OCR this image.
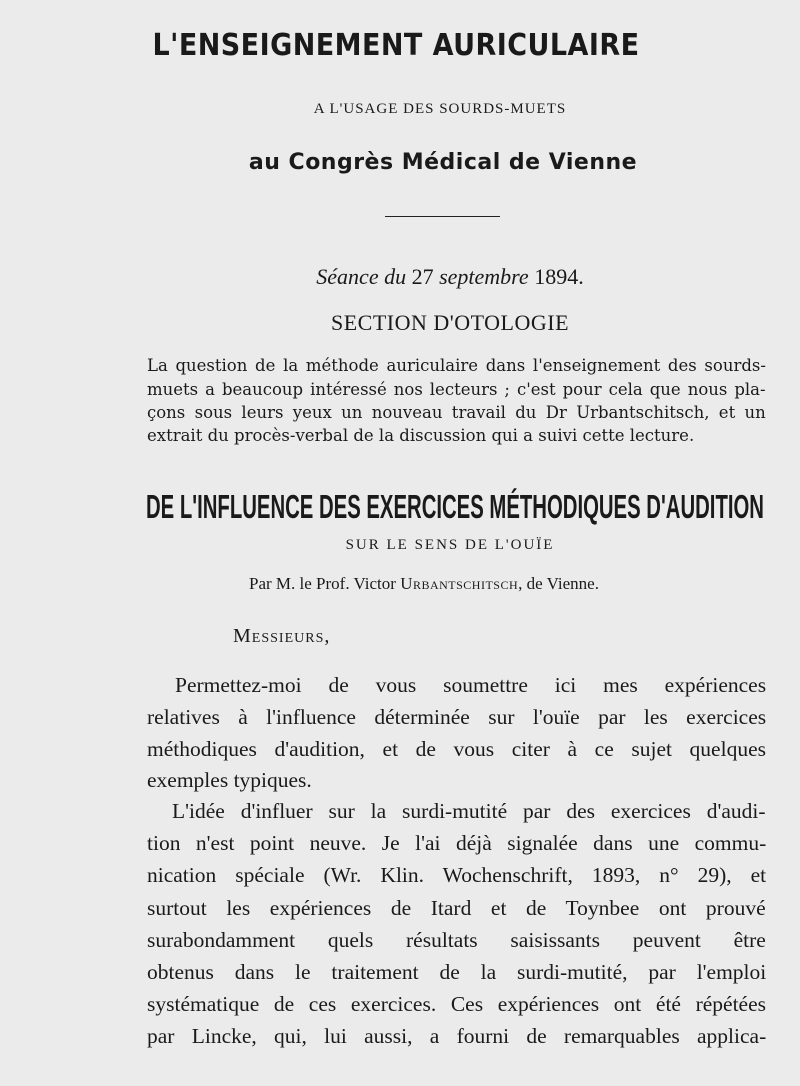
L'ENSEIGNEMENT AURICULAIRE
A L'USAGE DES SOURDS-MUETS
au Congrès Médical de Vienne
Séance du 27 septembre 1894.
SECTION D'OTOLOGIE
La question de la méthode auriculaire dans l'enseignement des sourds-
muets a beaucoup intéressé nos lecteurs ; c'est pour cela que nous pla-
çons sous leurs yeux un nouveau travail du Dr Urbantschitsch, et un
extrait du procès-verbal de la discussion qui a suivi cette lecture.
DE L'INFLUENCE DES EXERCICES MÉTHODIQUES D'AUDITION
SUR LE SENS DE L'OUÏE
Par M. le Prof. Victor Urbantschitsch, de Vienne.
Messieurs,
Permettez-moi de vous soumettre ici mes expériences
relatives à l'influence déterminée sur l'ouïe par les exercices
méthodiques d'audition, et de vous citer à ce sujet quelques
exemples typiques.
L'idée d'influer sur la surdi-mutité par des exercices d'audi-
tion n'est point neuve. Je l'ai déjà signalée dans une commu-
nication spéciale (Wr. Klin. Wochenschrift, 1893, n° 29), et
surtout les expériences de Itard et de Toynbee ont prouvé
surabondamment quels résultats saisissants peuvent être
obtenus dans le traitement de la surdi-mutité, par l'emploi
systématique de ces exercices. Ces expériences ont été répétées
par Lincke, qui, lui aussi, a fourni de remarquables applica-
